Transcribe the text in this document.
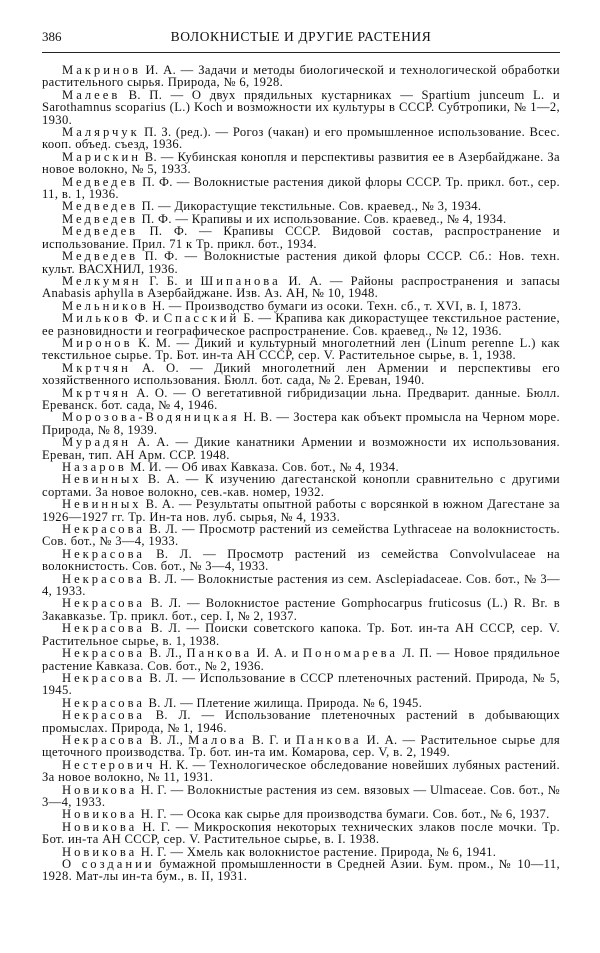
386	ВОЛОКНИСТЫЕ И ДРУГИЕ РАСТЕНИЯ

Макринов И. А. — Задачи и методы биологической и технологической обработки растительного сырья. Природа, № 6, 1928.

Малеев В. П. — О двух прядильных кустарниках — Spartium junceum L. и Sarothamnus scoparius (L.) Koch и возможности их культуры в СССР. Субтропики, № 1—2, 1930.

Малярчук П. З. (ред.). — Рогоз (чакан) и его промышленное использование. Всес. кооп. объед. съезд, 1936.

Марискин В. — Кубинская конопля и перспективы развития ее в Азербайджане. За новое волокно, № 5, 1933.

Медведев П. Ф. — Волокнистые растения дикой флоры СССР. Тр. прикл. бот., сер. 11, в. 1, 1936.

Медведев П. — Дикорастущие текстильные. Сов. краевед., № 3, 1934.

Медведев П. Ф. — Крапивы и их использование. Сов. краевед., № 4, 1934.

Медведев П. Ф. — Крапивы СССР. Видовой состав, распространение и использование. Прил. 71 к Тр. прикл. бот., 1934.

Медведев П. Ф. — Волокнистые растения дикой флоры СССР. Сб.: Нов. техн. культ. ВАСХНИЛ, 1936.

Мелкумян Г. Б. и Шипанова И. А. — Районы распространения и запасы Anabasis aphylla в Азербайджане. Изв. Аз. АН, № 10, 1948.

Мельников Н. — Производство бумаги из осоки. Техн. сб., т. XVI, в. I, 1873.

Мильков Ф. и Спасский Б. — Крапива как дикорастущее текстильное растение, ее разновидности и географическое распространение. Сов. краевед., № 12, 1936.

Миронов К. М. — Дикий и культурный многолетний лен (Linum perenne L.) как текстильное сырье. Тр. Бот. ин-та АН СССР, сер. V. Растительное сырье, в. 1, 1938.

Мкртчян А. О. — Дикий многолетний лен Армении и перспективы его хозяйственного использования. Бюлл. бот. сада, № 2. Ереван, 1940.

Мкртчян А. О. — О вегетативной гибридизации льна. Предварит. данные. Бюлл. Ереванск. бот. сада, № 4, 1946.

Морозова-Водяницкая Н. В. — Зостера как объект промысла на Черном море. Природа, № 8, 1939.

Мурадян А. А. — Дикие канатники Армении и возможности их использования. Ереван, тип. АН Арм. ССР. 1948.

Назаров М. И. — Об ивах Кавказа. Сов. бот., № 4, 1934.

Невинных В. А. — К изучению дагестанской конопли сравнительно с другими сортами. За новое волокно, сев.-кав. номер, 1932.

Невинных В. А. — Результаты опытной работы с ворсянкой в южном Дагестане за 1926—1927 гг. Тр. Ин-та нов. луб. сырья, № 4, 1933.

Некрасова В. Л. — Просмотр растений из семейства Lythraceae на волокнистость. Сов. бот., № 3—4, 1933.

Некрасова В. Л. — Просмотр растений из семейства Convolvulaceae на волокнистость. Сов. бот., № 3—4, 1933.

Некрасова В. Л. — Волокнистые растения из сем. Asclepiadaceae. Сов. бот., № 3—4, 1933.

Некрасова В. Л. — Волокнистое растение Gomphocarpus fruticosus (L.) R. Br. в Закавказье. Тр. прикл. бот., сер. I, № 2, 1937.

Некрасова В. Л. — Поиски советского капока. Тр. Бот. ин-та АН СССР, сер. V. Растительное сырье, в. 1, 1938.

Некрасова В. Л., Панкова И. А. и Пономарева Л. П. — Новое прядильное растение Кавказа. Сов. бот., № 2, 1936.

Некрасова В. Л. — Использование в СССР плетеночных растений. Природа, № 5, 1945.

Некрасова В. Л. — Плетение жилища. Природа. № 6, 1945.

Некрасова В. Л. — Использование плетеночных растений в добывающих промыслах. Природа, № 1, 1946.

Некрасова В. Л., Малова В. Г. и Панкова И. А. — Растительное сырье для щеточного производства. Тр. бот. ин-та им. Комарова, сер. V, в. 2, 1949.

Нестерович Н. К. — Технологическое обследование новейших лубяных растений. За новое волокно, № 11, 1931.

Новикова Н. Г. — Волокнистые растения из сем. вязовых — Ulmaceae. Сов. бот., № 3—4, 1933.

Новикова Н. Г. — Осока как сырье для производства бумаги. Сов. бот., № 6, 1937.

Новикова Н. Г. — Микроскопия некоторых технических злаков после мочки. Тр. Бот. ин-та АН СССР, сер. V. Растительное сырье, в. I. 1938.

Новикова Н. Г. — Хмель как волокнистое растение. Природа, № 6, 1941.

О создании бумажной промышленности в Средней Азии. Бум. пром., № 10—11, 1928. Мат-лы ин-та бум., в. II, 1931.
